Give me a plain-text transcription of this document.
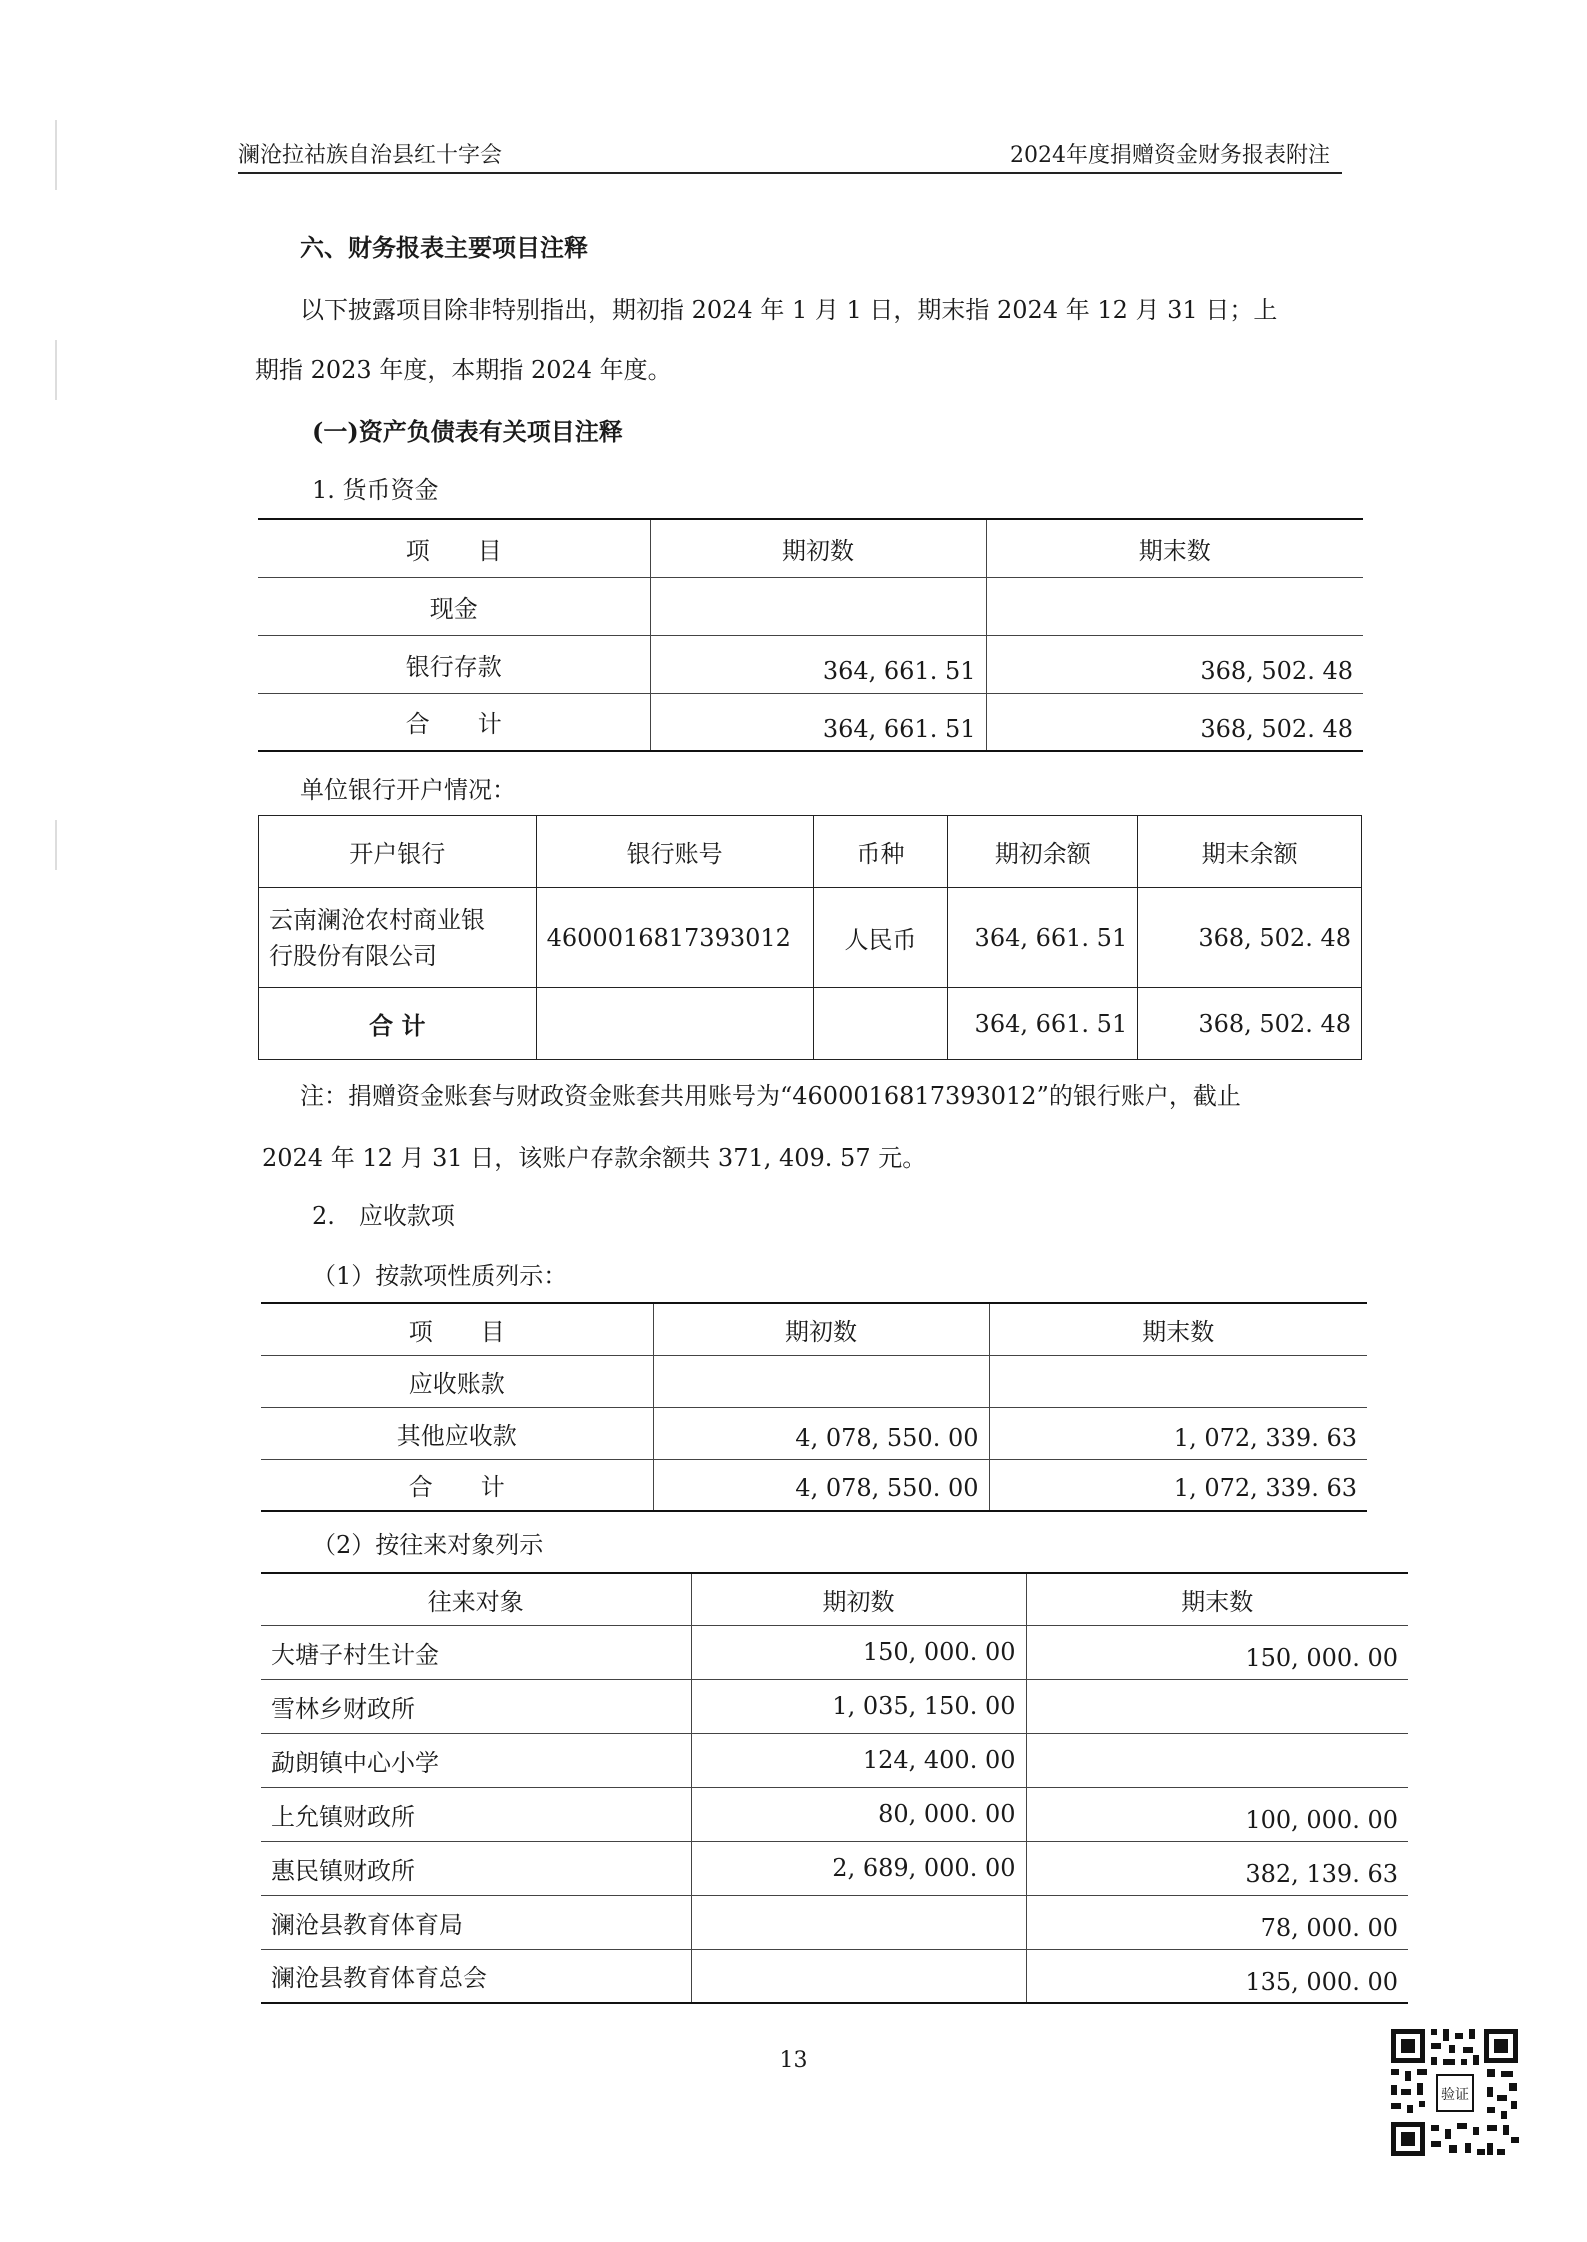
澜沧拉祜族自治县红十字会	2024年度捐赠资金财务报表附注
六、财务报表主要项目注释
以下披露项目除非特别指出，期初指 2024 年 1 月 1 日，期末指 2024 年 12 月 31 日；上
期指 2023 年度，本期指 2024 年度。
(一)资产负债表有关项目注释
1. 货币资金
项　　目	期初数	期末数
现金		
银行存款	364, 661. 51	368, 502. 48
合　　计	364, 661. 51	368, 502. 48
单位银行开户情况：
开户银行	银行账号	币种	期初余额	期末余额

云南澜沧农村商业银
行股份有限公司	4600016817393012	人民币	364, 661. 51	368, 502. 48
合 计			364, 661. 51	368, 502. 48
注：捐赠资金账套与财政资金账套共用账号为“4600016817393012”的银行账户，截止
2024 年 12 月 31 日，该账户存款余额共 371, 409. 57 元。
2.　应收款项
（1）按款项性质列示：
项　　目	期初数	期末数
应收账款		
其他应收款	4, 078, 550. 00	1, 072, 339. 63
合　　计	4, 078, 550. 00	1, 072, 339. 63
（2）按往来对象列示
往来对象	期初数	期末数
大塘子村生计金	150, 000. 00	150, 000. 00
雪林乡财政所	1, 035, 150. 00	
勐朗镇中心小学	124, 400. 00	
上允镇财政所	80, 000. 00	100, 000. 00
惠民镇财政所	2, 689, 000. 00	382, 139. 63
澜沧县教育体育局		78, 000. 00
澜沧县教育体育总会		135, 000. 00
13
验证
